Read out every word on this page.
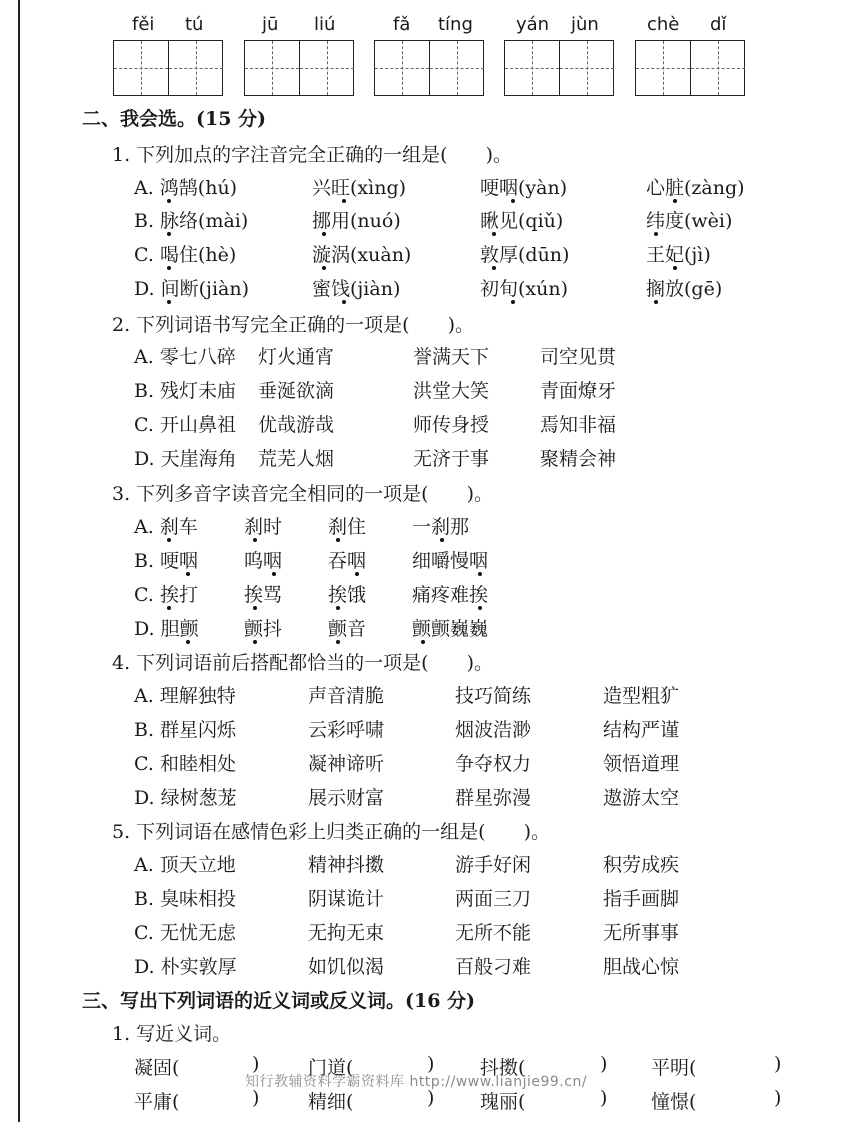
fěi tú	jū liú	fǎ tíng yán jùn	chè dǐ
二、我会选。(15 分)
1. 下列加点的字注音完全正确的一组是(　　)。
A. 鸿鹄(hú)	兴旺(xìng)	哽咽(yàn)	心脏(zàng)
B. 脉络(mài)	挪用(nuó)	瞅见(qiǔ)	纬度(wèi)
C. 喝住(hè)	漩涡(xuàn)	敦厚(dūn)	王妃(jì)
D. 间断(jiàn)	蜜饯(jiàn)	初旬(xún)	搁放(gē)
2. 下列词语书写完全正确的一项是(　　)。
A. 零七八碎 灯火通宵	誉满天下	司空见贯
B. 残灯未庙 垂涎欲滴	洪堂大笑	青面燎牙
C. 开山鼻祖 优哉游哉	师传身授	焉知非福
D. 天崖海角 荒芜人烟	无济于事	聚精会神
3. 下列多音字读音完全相同的一项是(　　)。
A. 刹车 刹时 刹住 一刹那
B. 哽咽 呜咽 吞咽 细嚼慢咽
C. 挨打 挨骂 挨饿 痛疼难挨
D. 胆颤 颤抖 颤音 颤颤巍巍
4. 下列词语前后搭配都恰当的一项是(　　)。
A. 理解独特	声音清脆	技巧简练	造型粗犷
B. 群星闪烁	云彩呼啸	烟波浩渺	结构严谨
C. 和睦相处	凝神谛听	争夺权力	领悟道理
D. 绿树葱茏	展示财富	群星弥漫	遨游太空
5. 下列词语在感情色彩上归类正确的一组是(　　)。
A. 顶天立地	精神抖擞	游手好闲	积劳成疾
B. 臭味相投	阴谋诡计	两面三刀	指手画脚
C. 无忧无虑	无拘无束	无所不能	无所事事
D. 朴实敦厚	如饥似渴	百般刁难	胆战心惊
三、写出下列词语的近义词或反义词。(16 分)
1. 写近义词。
凝固(	)	门道(	) 抖擞(	) 平明(	)
平庸(	)	精细(	) 瑰丽(	) 憧憬(	)
知行教辅资料学霸资料库 http://www.lianjie99.cn/
